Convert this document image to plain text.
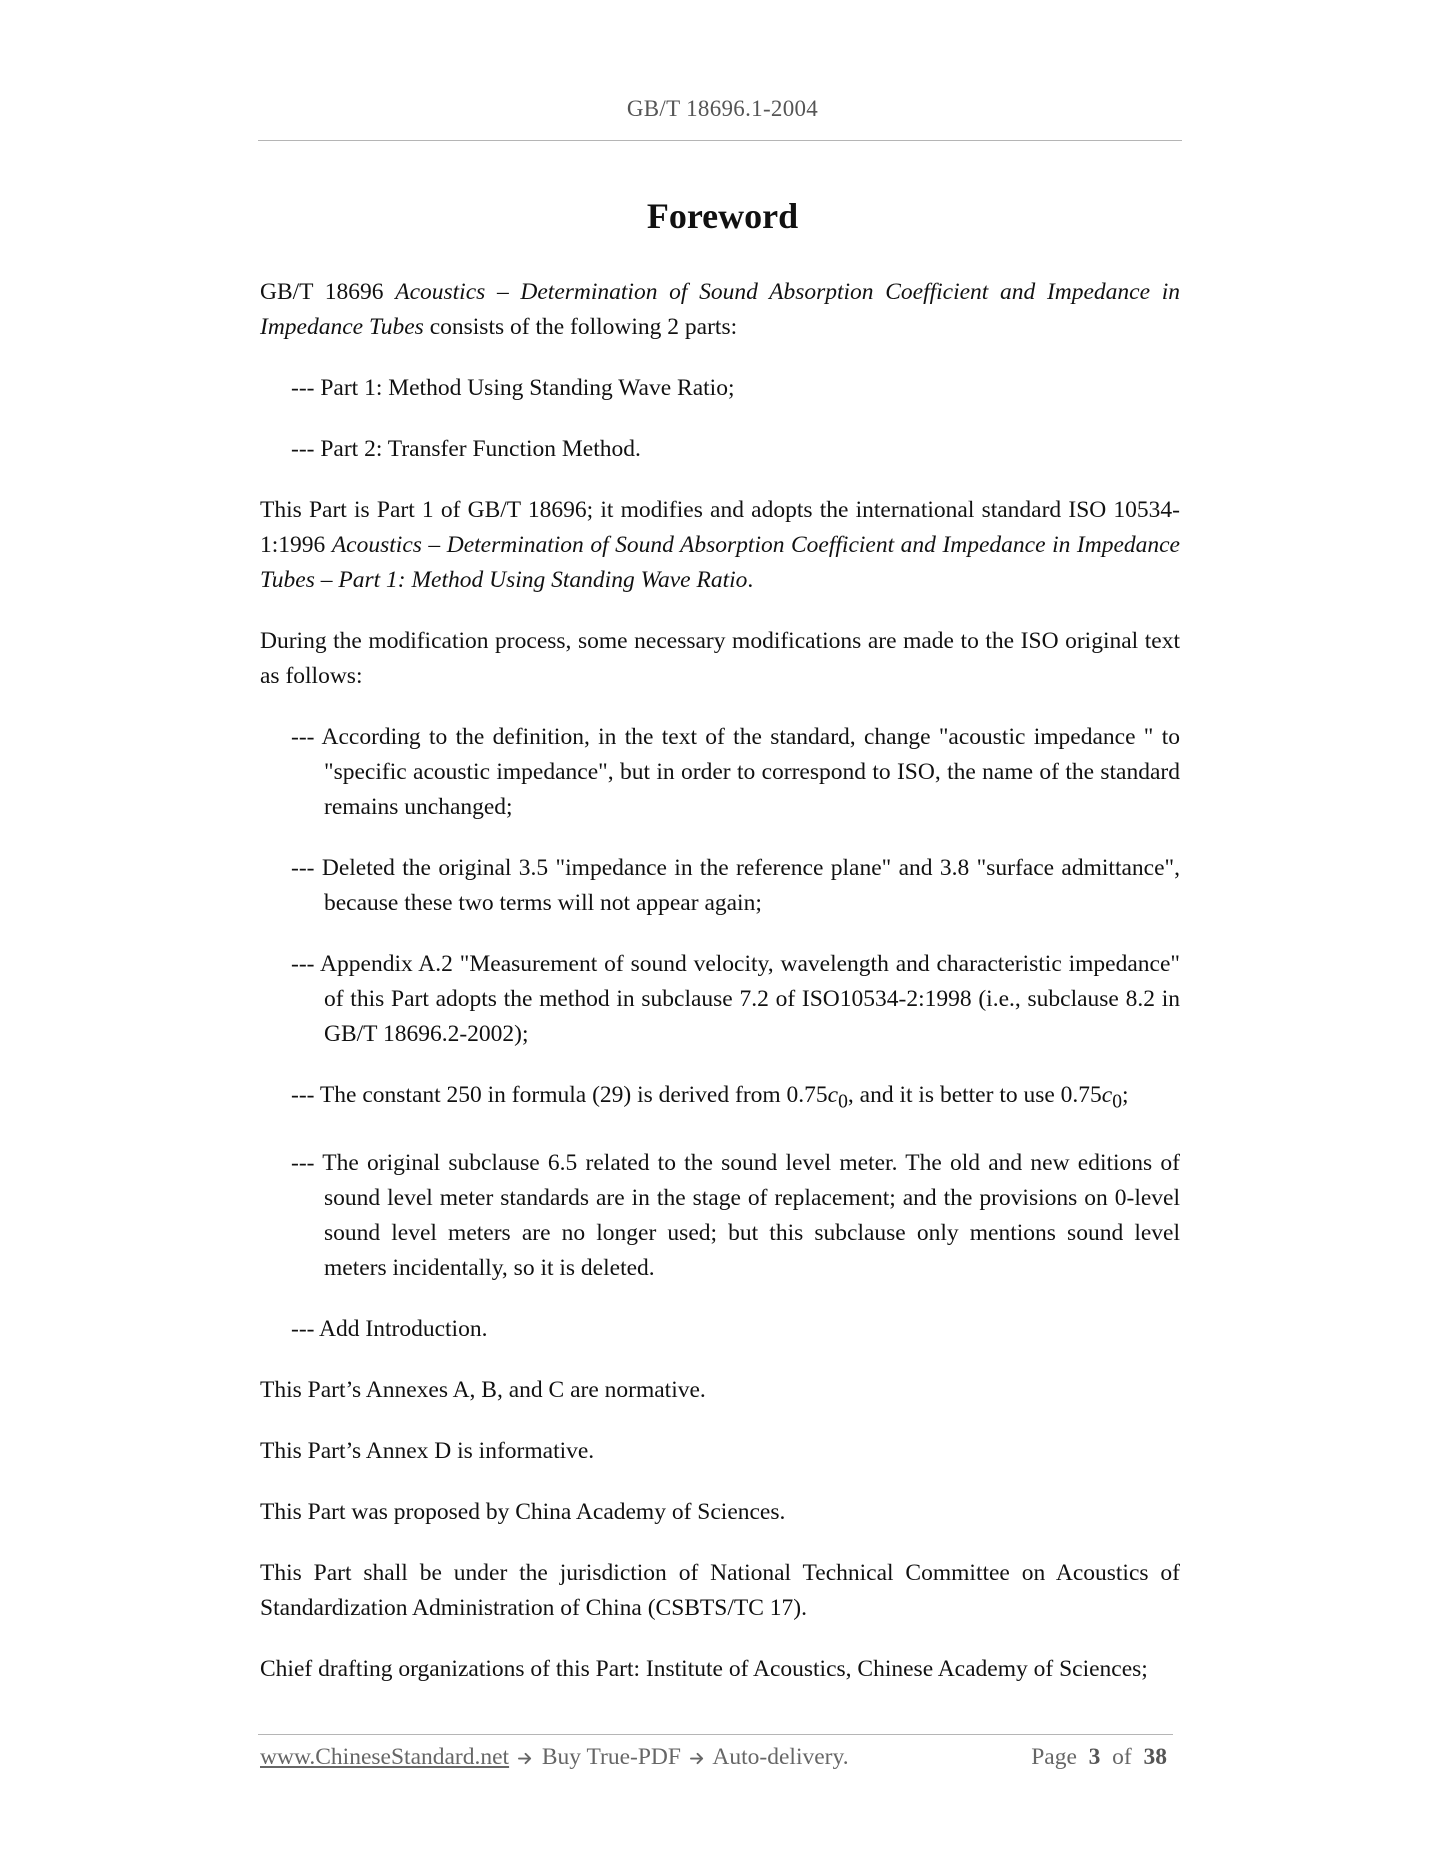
GB/T 18696.1-2004
Foreword

GB/T 18696 Acoustics – Determination of Sound Absorption Coefficient and Impedance in Impedance Tubes consists of the following 2 parts:

--- Part 1: Method Using Standing Wave Ratio;

--- Part 2: Transfer Function Method.

This Part is Part 1 of GB/T 18696; it modifies and adopts the international standard ISO 10534-1:1996 Acoustics – Determination of Sound Absorption Coefficient and Impedance in Impedance Tubes – Part 1: Method Using Standing Wave Ratio.

During the modification process, some necessary modifications are made to the ISO original text as follows:

--- According to the definition, in the text of the standard, change "acoustic impedance " to "specific acoustic impedance", but in order to correspond to ISO, the name of the standard remains unchanged;

--- Deleted the original 3.5 "impedance in the reference plane" and 3.8 "surface admittance", because these two terms will not appear again;

--- Appendix A.2 "Measurement of sound velocity, wavelength and characteristic impedance" of this Part adopts the method in subclause 7.2 of ISO10534-2:1998 (i.e., subclause 8.2 in GB/T 18696.2-2002);

--- The constant 250 in formula (29) is derived from $0.75c_0$, and it is better to use $0.75c_0$;

--- The original subclause 6.5 related to the sound level meter. The old and new editions of sound level meter standards are in the stage of replacement; and the provisions on 0-level sound level meters are no longer used; but this subclause only mentions sound level meters incidentally, so it is deleted.

--- Add Introduction.

This Part’s Annexes A, B, and C are normative.

This Part’s Annex D is informative.

This Part was proposed by China Academy of Sciences.

This Part shall be under the jurisdiction of National Technical Committee on Acoustics of Standardization Administration of China (CSBTS/TC 17).

Chief drafting organizations of this Part: Institute of Acoustics, Chinese Academy of Sciences;

www.ChineseStandard.net  Buy True-PDF  Auto-delivery.	Page 3 of 38
